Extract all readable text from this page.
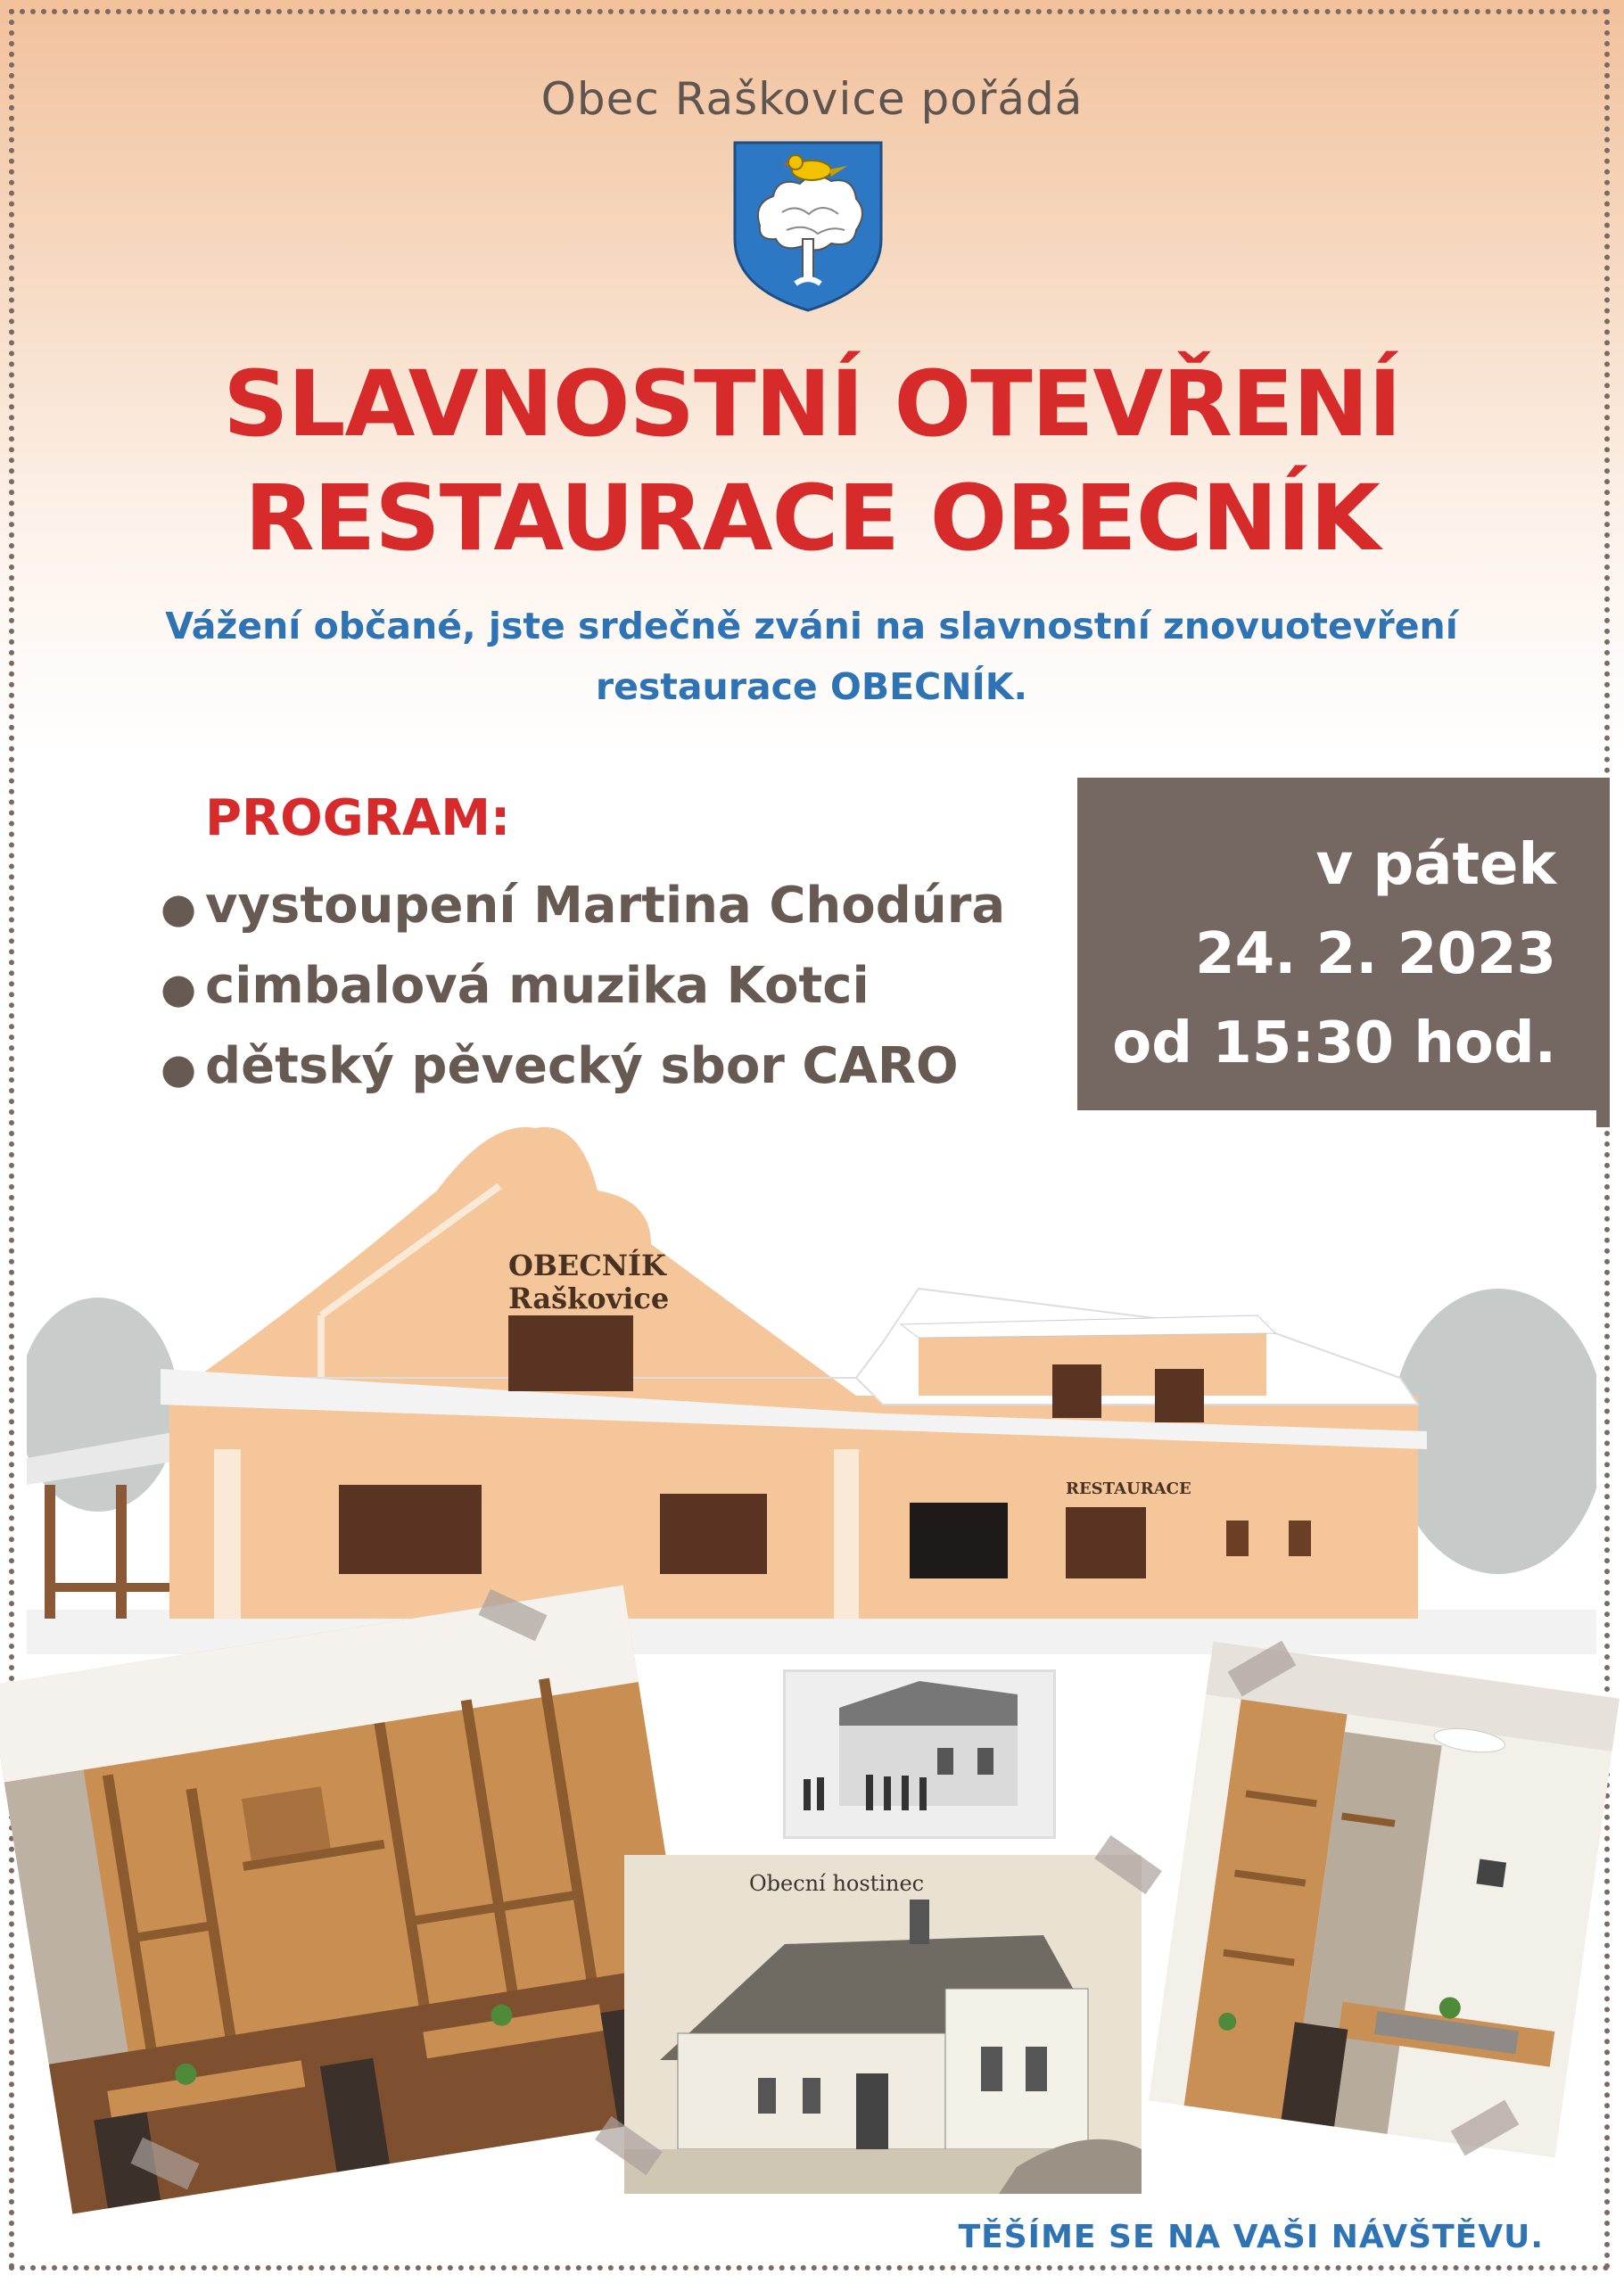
Obec Raškovice pořádá
SLAVNOSTNÍ OTEVŘENÍ
RESTAURACE OBECNÍK
Vážení občané, jste srdečně zváni na slavnostní znovuotevření
restaurace OBECNÍK.
PROGRAM:
● vystoupení Martina Chodúra
● cimbalová muzika Kotci
● dětský pěvecký sbor CARO
v pátek
24. 2. 2023
od 15:30 hod.
OBECNÍK
Raškovice
RESTAURACE
Obecní hostinec
TĚŠÍME SE NA VAŠI NÁVŠTĚVU.
